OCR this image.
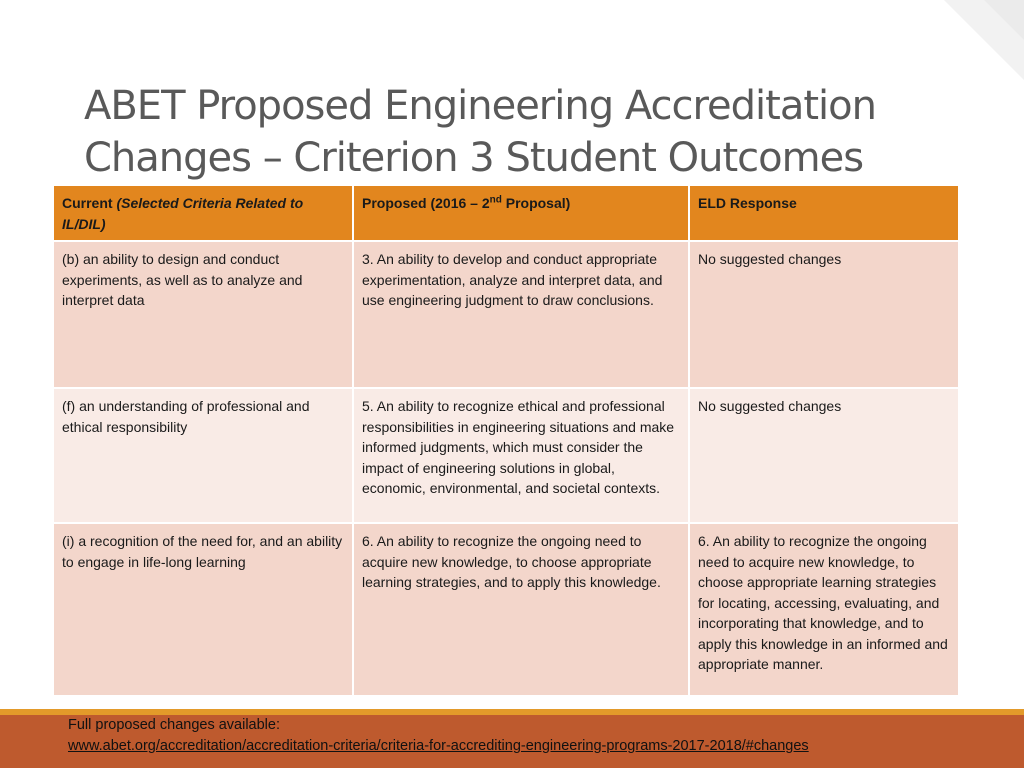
ABET Proposed Engineering Accreditation
Changes – Criterion 3 Student Outcomes
Current (Selected Criteria Related to IL/DIL)	Proposed (2016 – 2nd Proposal)	ELD Response
(b) an ability to design and conduct experiments, as well as to analyze and interpret data	3. An ability to develop and conduct appropriate experimentation, analyze and interpret data, and use engineering judgment to draw conclusions.	No suggested changes
(f) an understanding of professional and ethical responsibility	5. An ability to recognize ethical and professional responsibilities in engineering situations and make informed judgments, which must consider the impact of engineering solutions in global, economic, environmental, and societal contexts.	No suggested changes
(i) a recognition of the need for, and an ability to engage in life-long learning	6. An ability to recognize the ongoing need to acquire new knowledge, to choose appropriate learning strategies, and to apply this knowledge.	6. An ability to recognize the ongoing need to acquire new knowledge, to choose appropriate learning strategies for locating, accessing, evaluating, and incorporating that knowledge, and to apply this knowledge in an informed and appropriate manner.
Full proposed changes available:
www.abet.org/accreditation/accreditation-criteria/criteria-for-accrediting-engineering-programs-2017-2018/#changes
